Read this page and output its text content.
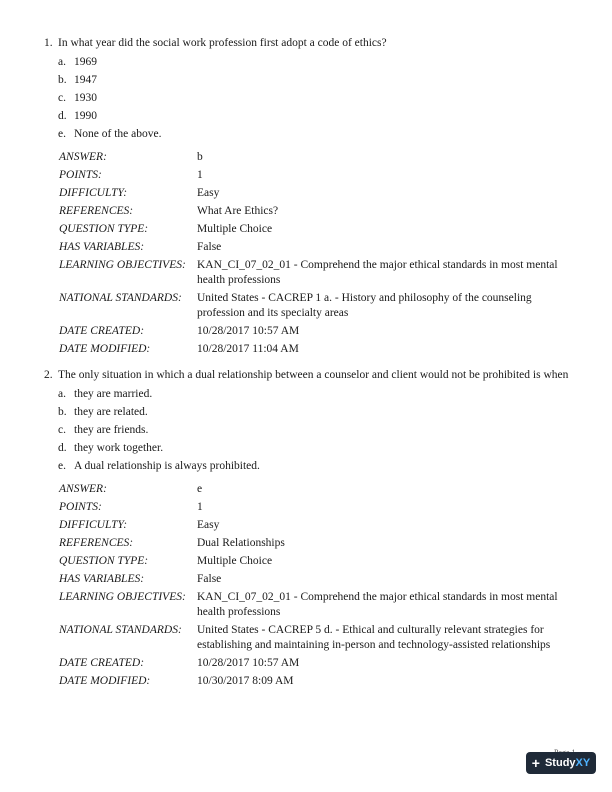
1. In what year did the social work profession first adopt a code of ethics?
a. 1969
b. 1947
c. 1930
d. 1990
e. None of the above.
ANSWER:	b
POINTS:	1
DIFFICULTY:	Easy
REFERENCES:	What Are Ethics?
QUESTION TYPE:	Multiple Choice
HAS VARIABLES:	False
LEARNING OBJECTIVES: KAN_CI_07_02_01 - Comprehend the major ethical standards in most mental health professions
NATIONAL STANDARDS:	United States - CACREP 1 a. - History and philosophy of the counseling profession and its specialty areas
DATE CREATED:	10/28/2017 10:57 AM
DATE MODIFIED:	10/28/2017 11:04 AM
2. The only situation in which a dual relationship between a counselor and client would not be prohibited is when
a. they are married.
b. they are related.
c. they are friends.
d. they work together.
e. A dual relationship is always prohibited.
ANSWER:	e
POINTS:	1
DIFFICULTY:	Easy
REFERENCES:	Dual Relationships
QUESTION TYPE:	Multiple Choice
HAS VARIABLES:	False
LEARNING OBJECTIVES: KAN_CI_07_02_01 - Comprehend the major ethical standards in most mental health professions
NATIONAL STANDARDS:	United States - CACREP 5 d. - Ethical and culturally relevant strategies for establishing and maintaining in-person and technology-assisted relationships
DATE CREATED:	10/28/2017 10:57 AM
DATE MODIFIED:	10/30/2017 8:09 AM
+ StudyXY
